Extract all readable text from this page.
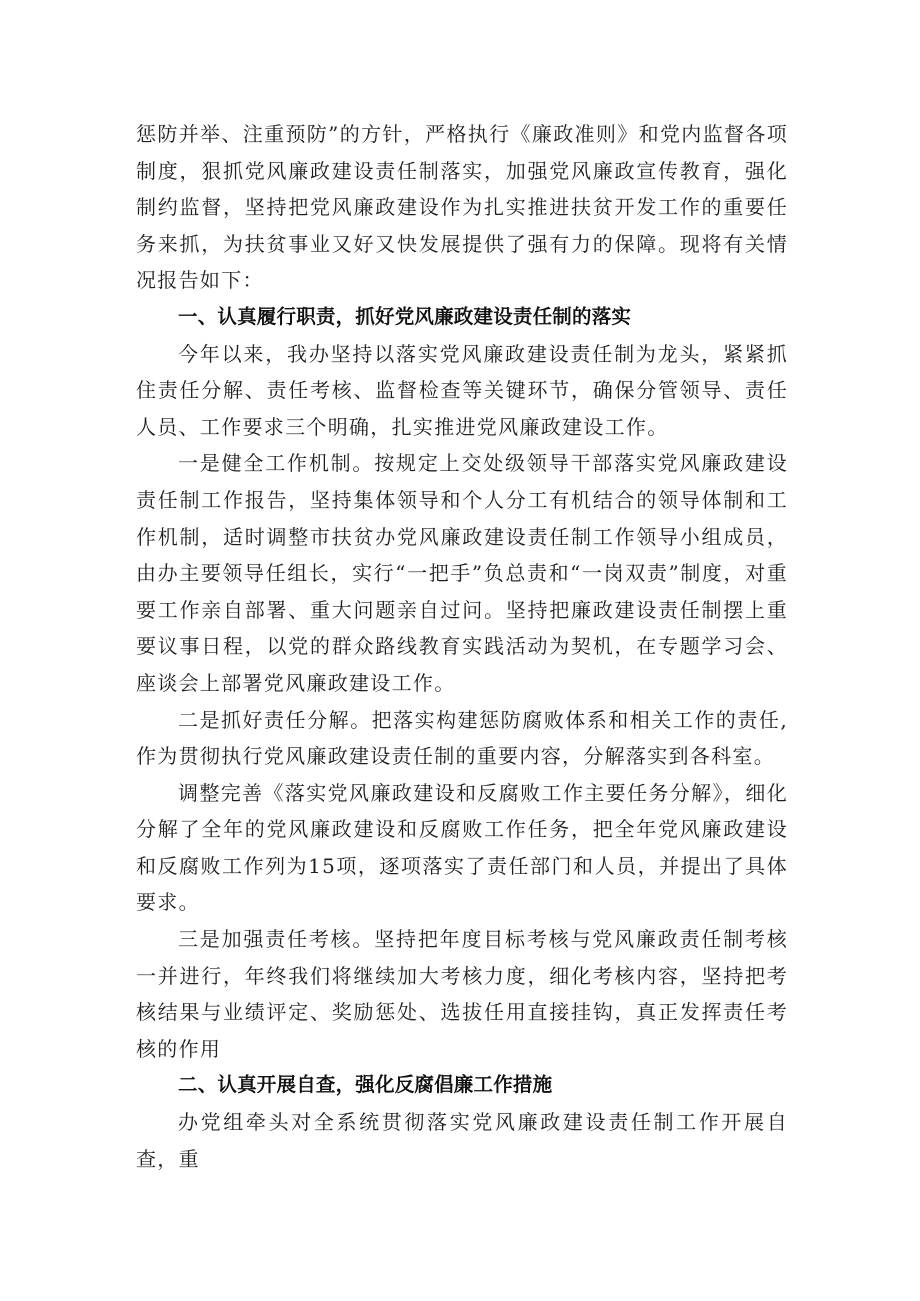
惩防并举、注重预防”的方针，严格执行《廉政准则》和党内监督各项制度，狠抓党风廉政建设责任制落实，加强党风廉政宣传教育，强化制约监督，坚持把党风廉政建设作为扎实推进扶贫开发工作的重要任务来抓，为扶贫事业又好又快发展提供了强有力的保障。现将有关情况报告如下：

一、认真履行职责，抓好党风廉政建设责任制的落实

今年以来，我办坚持以落实党风廉政建设责任制为龙头，紧紧抓住责任分解、责任考核、监督检查等关键环节，确保分管领导、责任人员、工作要求三个明确，扎实推进党风廉政建设工作。

一是健全工作机制。按规定上交处级领导干部落实党风廉政建设责任制工作报告，坚持集体领导和个人分工有机结合的领导体制和工作机制，适时调整市扶贫办党风廉政建设责任制工作领导小组成员，由办主要领导任组长，实行“一把手”负总责和“一岗双责”制度，对重要工作亲自部署、重大问题亲自过问。坚持把廉政建设责任制摆上重要议事日程，以党的群众路线教育实践活动为契机，在专题学习会、座谈会上部署党风廉政建设工作。

二是抓好责任分解。把落实构建惩防腐败体系和相关工作的责任,作为贯彻执行党风廉政建设责任制的重要内容，分解落实到各科室。

调整完善《落实党风廉政建设和反腐败工作主要任务分解》，细化分解了全年的党风廉政建设和反腐败工作任务，把全年党风廉政建设和反腐败工作列为15项，逐项落实了责任部门和人员，并提出了具体要求。

三是加强责任考核。坚持把年度目标考核与党风廉政责任制考核一并进行，年终我们将继续加大考核力度，细化考核内容，坚持把考核结果与业绩评定、奖励惩处、选拔任用直接挂钩，真正发挥责任考核的作用

二、认真开展自查，强化反腐倡廉工作措施

办党组牵头对全系统贯彻落实党风廉政建设责任制工作开展自查，重
